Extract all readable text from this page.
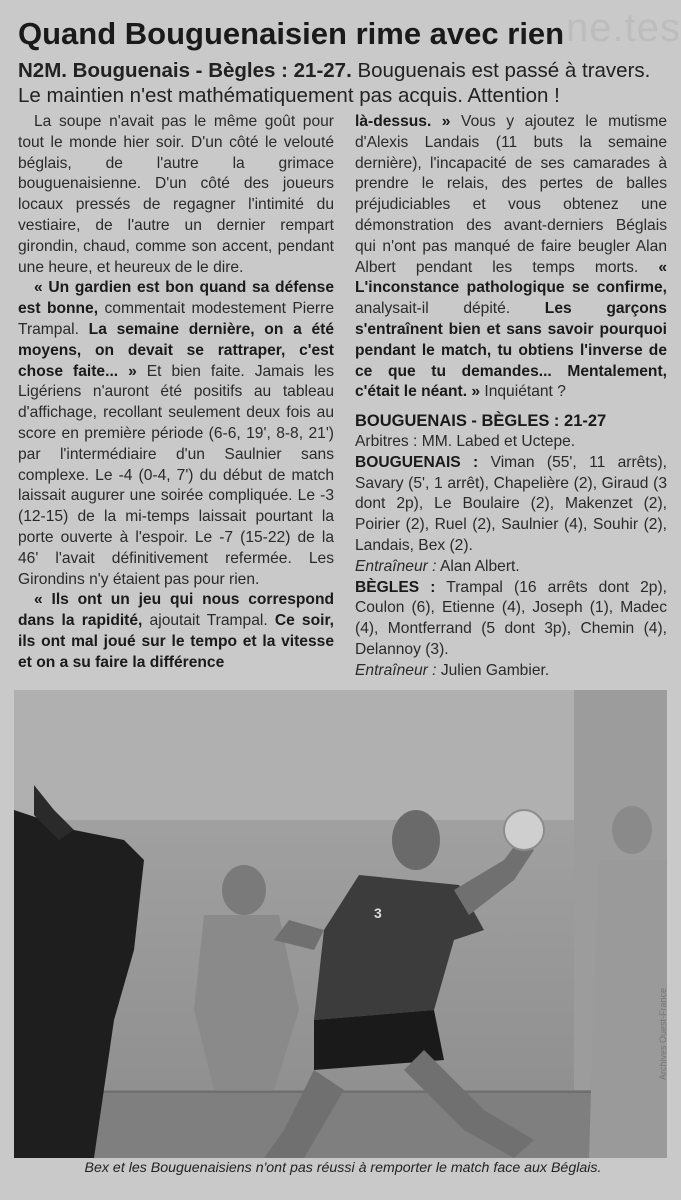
ne.tes
Quand Bouguenaisien rime avec rien
N2M. Bouguenais - Bègles : 21-27. Bouguenais est passé à travers. Le maintien n'est mathématiquement pas acquis. Attention !

La soupe n'avait pas le même goût pour tout le monde hier soir. D'un côté le velouté béglais, de l'autre la grimace bouguenaisienne. D'un côté des joueurs locaux pressés de regagner l'intimité du vestiaire, de l'autre un dernier rempart girondin, chaud, comme son accent, pendant une heure, et heureux de le dire.

« Un gardien est bon quand sa défense est bonne, commentait modestement Pierre Trampal. La semaine dernière, on a été moyens, on devait se rattraper, c'est chose faite... » Et bien faite. Jamais les Ligériens n'auront été positifs au tableau d'affichage, recollant seulement deux fois au score en première période (6-6, 19', 8-8, 21') par l'intermédiaire d'un Saulnier sans complexe. Le -4 (0-4, 7') du début de match laissait augurer une soirée compliquée. Le -3 (12-15) de la mi-temps laissait pourtant la porte ouverte à l'espoir. Le -7 (15-22) de la 46' l'avait définitivement refermée. Les Girondins n'y étaient pas pour rien.

« Ils ont un jeu qui nous correspond dans la rapidité, ajoutait Trampal. Ce soir, ils ont mal joué sur le tempo et la vitesse et on a su faire la différence

là-dessus. » Vous y ajoutez le mutisme d'Alexis Landais (11 buts la semaine dernière), l'incapacité de ses camarades à prendre le relais, des pertes de balles préjudiciables et vous obtenez une démonstration des avant-derniers Béglais qui n'ont pas manqué de faire beugler Alan Albert pendant les temps morts. « L'inconstance pathologique se confirme, analysait-il dépité. Les garçons s'entraînent bien et sans savoir pourquoi pendant le match, tu obtiens l'inverse de ce que tu demandes... Mentalement, c'était le néant. » Inquiétant ?

BOUGUENAIS - BÈGLES : 21-27
Arbitres : MM. Labed et Uctepe.
BOUGUENAIS : Viman (55', 11 arrêts), Savary (5', 1 arrêt), Chapelière (2), Giraud (3 dont 2p), Le Boulaire (2), Makenzet (2), Poirier (2), Ruel (2), Saulnier (4), Souhir (2), Landais, Bex (2).
Entraîneur : Alan Albert.
BÈGLES : Trampal (16 arrêts dont 2p), Coulon (6), Etienne (4), Joseph (1), Madec (4), Montferrand (5 dont 3p), Chemin (4), Delannoy (3).
Entraîneur : Julien Gambier.
3
Archives Ouest-France
Bex et les Bouguenaisiens n'ont pas réussi à remporter le match face aux Béglais.
